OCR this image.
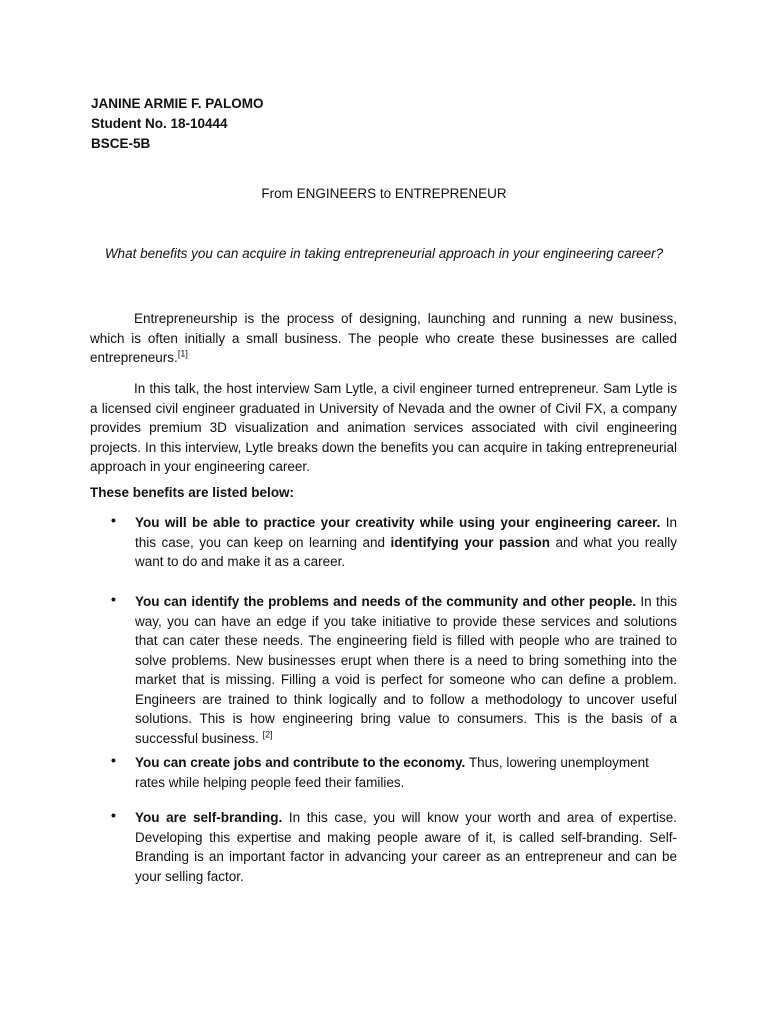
JANINE ARMIE F. PALOMO
Student No. 18-10444
BSCE-5B
From ENGINEERS to ENTREPRENEUR
What benefits you can acquire in taking entrepreneurial approach in your engineering career?
Entrepreneurship is the process of designing, launching and running a new business, which is often initially a small business. The people who create these businesses are called entrepreneurs.[1]
In this talk, the host interview Sam Lytle, a civil engineer turned entrepreneur. Sam Lytle is a licensed civil engineer graduated in University of Nevada and the owner of Civil FX, a company provides premium 3D visualization and animation services associated with civil engineering projects. In this interview, Lytle breaks down the benefits you can acquire in taking entrepreneurial approach in your engineering career.
These benefits are listed below:
• You will be able to practice your creativity while using your engineering career. In this case, you can keep on learning and identifying your passion and what you really want to do and make it as a career.
• You can identify the problems and needs of the community and other people. In this way, you can have an edge if you take initiative to provide these services and solutions that can cater these needs. The engineering field is filled with people who are trained to solve problems. New businesses erupt when there is a need to bring something into the market that is missing. Filling a void is perfect for someone who can define a problem. Engineers are trained to think logically and to follow a methodology to uncover useful solutions. This is how engineering bring value to consumers. This is the basis of a successful business. [2]
• You can create jobs and contribute to the economy. Thus, lowering unemployment rates while helping people feed their families.
• You are self-branding. In this case, you will know your worth and area of expertise. Developing this expertise and making people aware of it, is called self-branding. Self-Branding is an important factor in advancing your career as an entrepreneur and can be your selling factor.
